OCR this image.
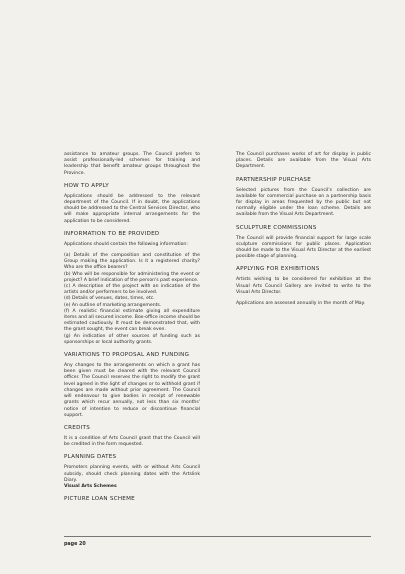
assistance to amateur groups. The Council prefers to assist professionally-led schemes for training and leadership that benefit amateur groups throughout the Province.

HOW TO APPLY

Applications should be addressed to the relevant department of the Council. If in doubt, the applications should be addressed to the Central Services Director, who will make appropriate internal arrangements for the application to be considered.

INFORMATION TO BE PROVIDED

Applications should contain the following information:

(a) Details of the composition and constitution of the Group making the application. Is it a registered charity? Who are the office bearers?
(b) Who will be responsible for administering the event or project? A brief indication of the person's past experience.
(c) A description of the project with an indication of the artists and/or performers to be involved.
(d) Details of venues, dates, times, etc.
(e) An outline of marketing arrangements.
(f) A realistic financial estimate giving all expenditure items and all secured income. Box-office income should be estimated cautiously. It must be demonstrated that, with the grant sought, the event can break even.
(g) An indication of other sources of funding such as sponsorships or local authority grants.
VARIATIONS TO PROPOSAL AND FUNDING

Any changes to the arrangements on which a grant has been given must be cleared with the relevant Council officer. The Council reserves the right to modify the grant level agreed in the light of changes or to withhold grant if changes are made without prior agreement. The Council will endeavour to give bodies in receipt of renewable grants which recur annually, not less than six months' notice of intention to reduce or discontinue financial support.

CREDITS

It is a condition of Arts Council grant that the Council will be credited in the form requested.

PLANNING DATES

Promoters planning events, with or without Arts Council subsidy, should check planning dates with the Artslink Diary.

Visual Arts Schemes

PICTURE LOAN SCHEME

The Council purchases works of art for display in public places. Details are available from the Visual Arts Department.

PARTNERSHIP PURCHASE

Selected pictures from the Council's collection are available for commercial purchase on a partnership basis for display in areas frequented by the public but not normally eligible under the loan scheme. Details are available from the Visual Arts Department.

SCULPTURE COMMISSIONS

The Council will provide financial support for large scale sculpture commissions for public places. Application should be made to the Visual Arts Director at the earliest possible stage of planning.

APPLYING FOR EXHIBITIONS

Artists wishing to be considered for exhibition at the Visual Arts Council Gallery are invited to write to the Visual Arts Director.

Applications are assessed annually in the month of May.

page 20
